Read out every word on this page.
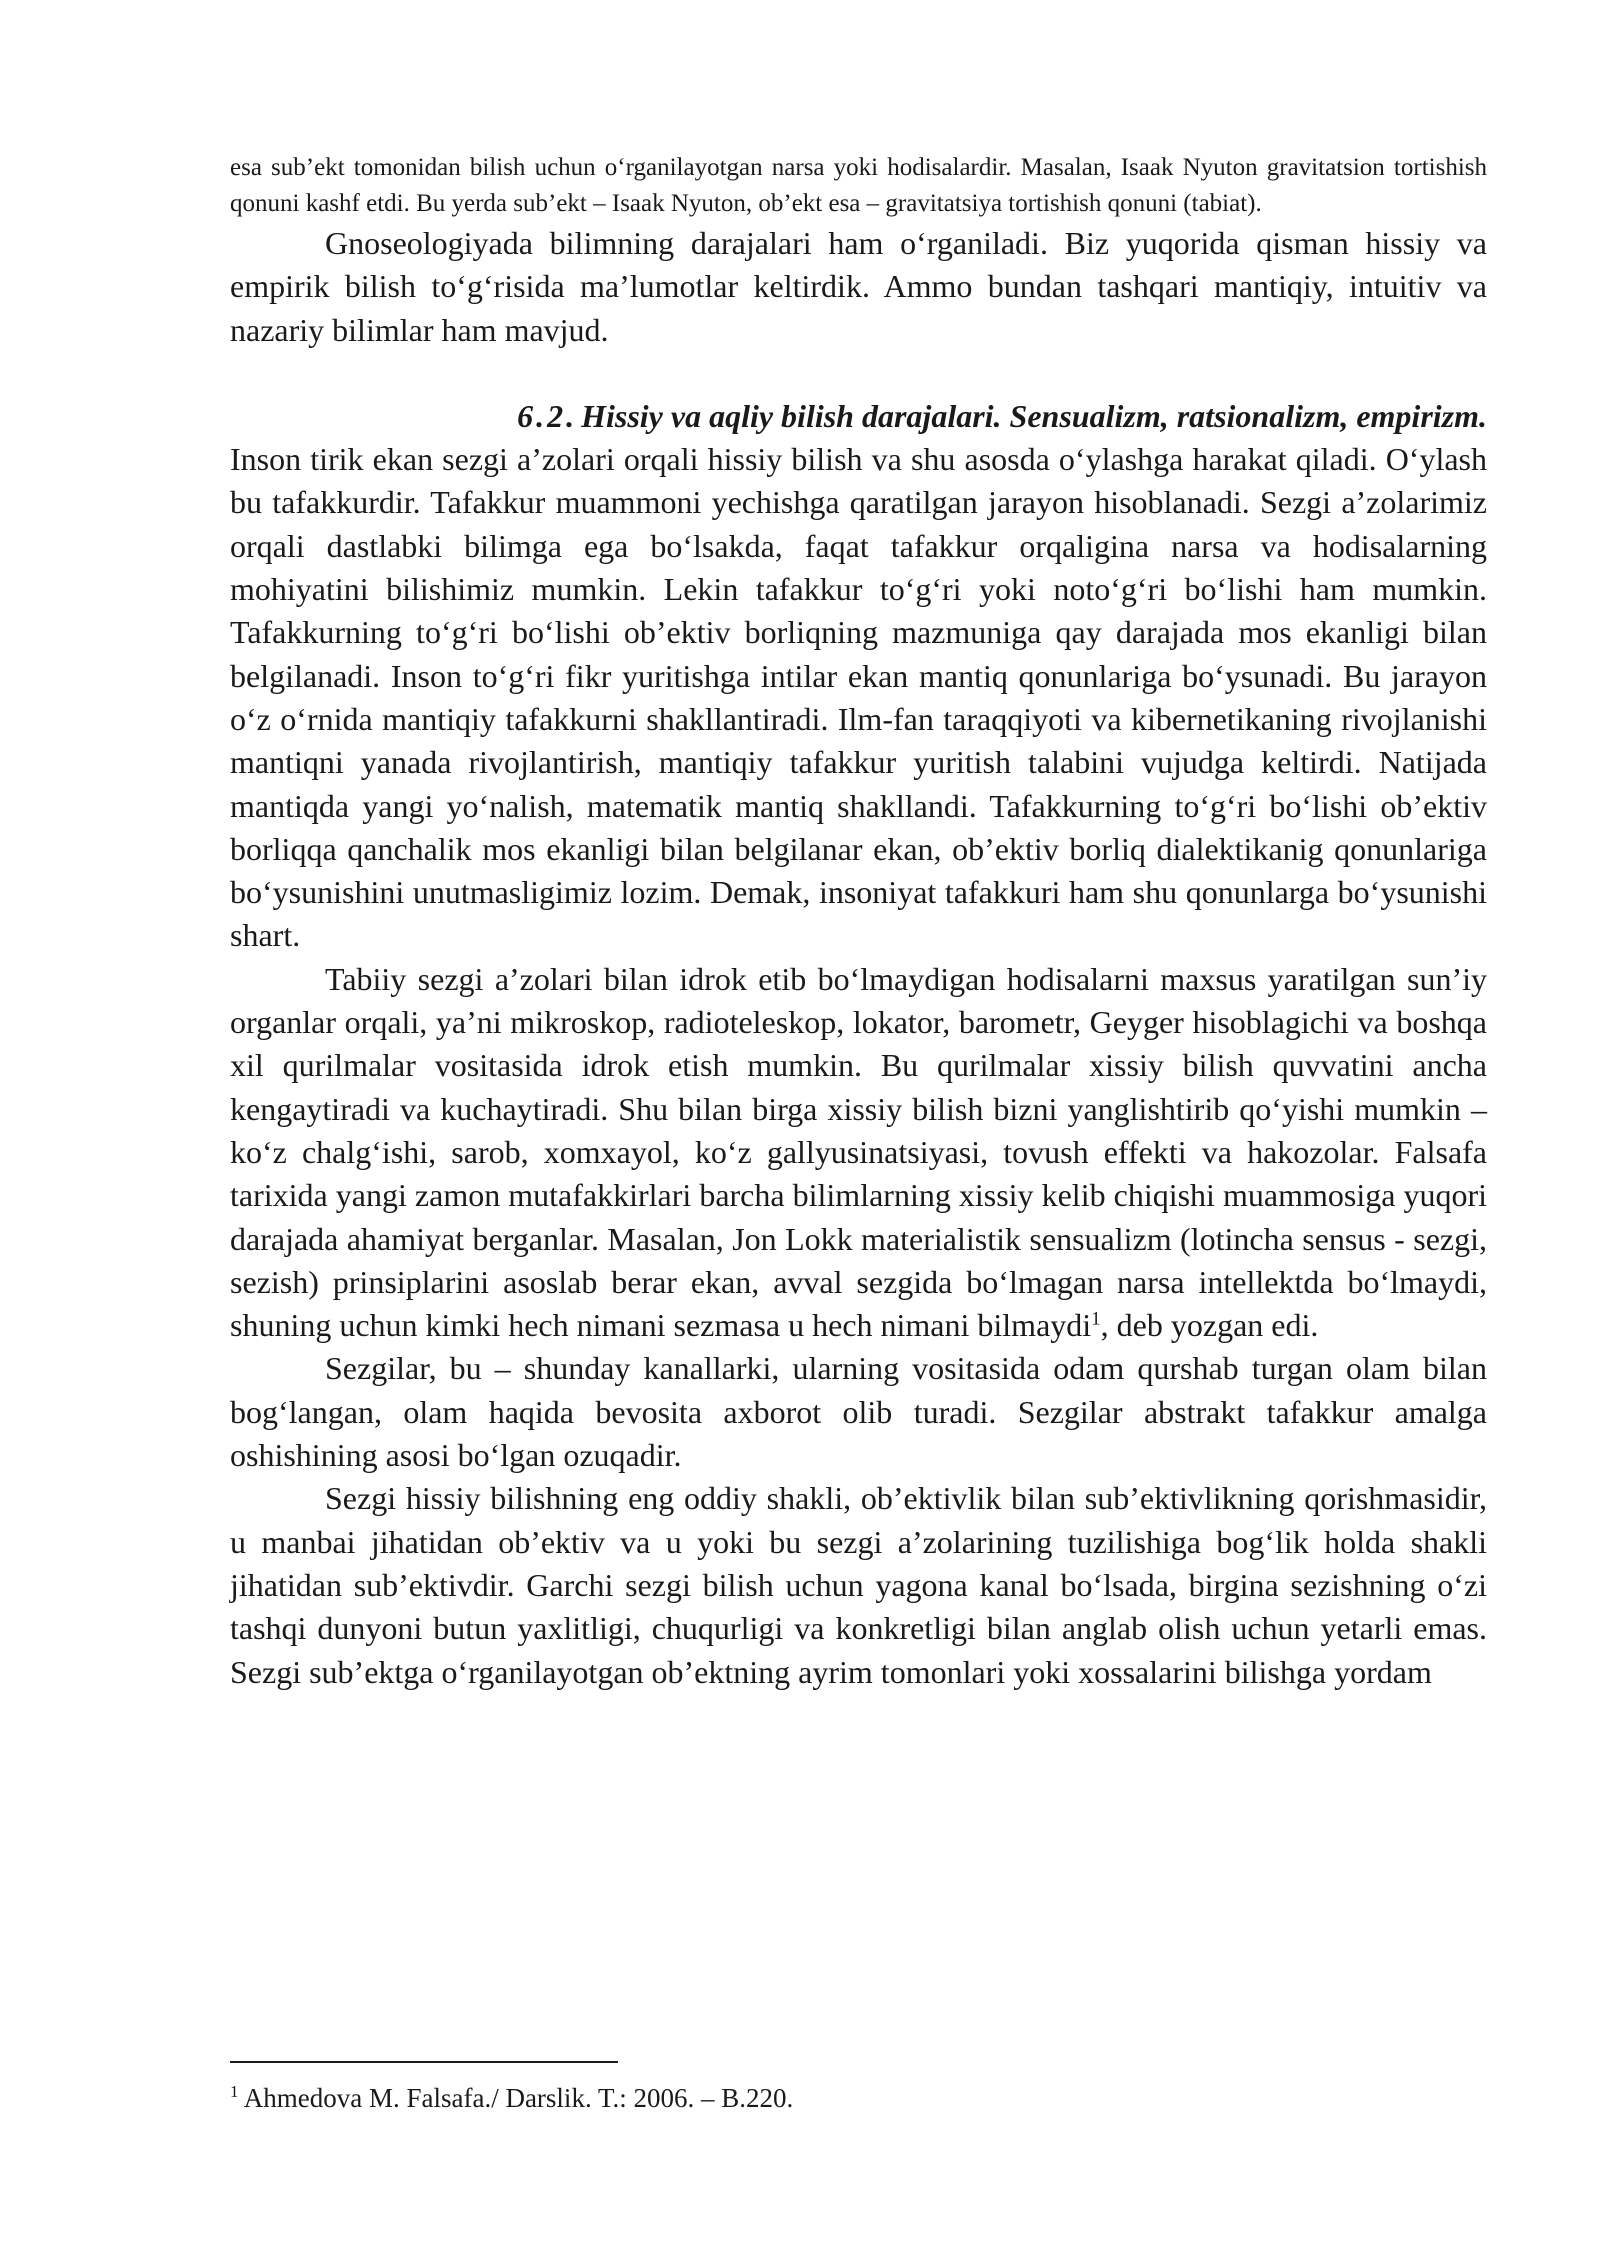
esa sub’ekt tomonidan bilish uchun o‘rganilayotgan narsa yoki hodisalardir. Masalan, Isaak Nyuton gravitatsion tortishish qonuni kashf etdi. Bu yerda sub’ekt – Isaak Nyuton, ob’ekt esa – gravitatsiya tortishish qonuni (tabiat).

Gnoseologiyada bilimning darajalari ham o‘rganiladi. Biz yuqorida qisman hissiy va empirik bilish to‘g‘risida ma’lumotlar keltirdik. Ammo bundan tashqari mantiqiy, intuitiv va nazariy bilimlar ham mavjud.

6.2. Hissiy va aqliy bilish darajalari. Sensualizm, ratsionalizm, empirizm.

Inson tirik ekan sezgi a’zolari orqali hissiy bilish va shu asosda o‘ylashga harakat qiladi. O‘ylash bu tafakkurdir. Tafakkur muammoni yechishga qaratilgan jarayon hisoblanadi. Sezgi a’zolarimiz orqali dastlabki bilimga ega bo‘lsakda, faqat tafakkur orqaligina narsa va hodisalarning mohiyatini bilishimiz mumkin. Lekin tafakkur to‘g‘ri yoki noto‘g‘ri bo‘lishi ham mumkin. Tafakkurning to‘g‘ri bo‘lishi ob’ektiv borliqning mazmuniga qay darajada mos ekanligi bilan belgilanadi. Inson to‘g‘ri fikr yuritishga intilar ekan mantiq qonunlariga bo‘ysunadi. Bu jarayon o‘z o‘rnida mantiqiy tafakkurni shakllantiradi. Ilm-fan taraqqiyoti va kibernetikaning rivojlanishi mantiqni yanada rivojlantirish, mantiqiy tafakkur yuritish talabini vujudga keltirdi. Natijada mantiqda yangi yo‘nalish, matematik mantiq shakllandi. Tafakkurning to‘g‘ri bo‘lishi ob’ektiv borliqqa qanchalik mos ekanligi bilan belgilanar ekan, ob’ektiv borliq dialektikanig qonunlariga bo‘ysunishini unutmasligimiz lozim. Demak, insoniyat tafakkuri ham shu qonunlarga bo‘ysunishi shart.

Tabiiy sezgi a’zolari bilan idrok etib bo‘lmaydigan hodisalarni maxsus yaratilgan sun’iy organlar orqali, ya’ni mikroskop, radioteleskop, lokator, barometr, Geyger hisoblagichi va boshqa xil qurilmalar vositasida idrok etish mumkin. Bu qurilmalar xissiy bilish quvvatini ancha kengaytiradi va kuchaytiradi. Shu bilan birga xissiy bilish bizni yanglishtirib qo‘yishi mumkin – ko‘z chalg‘ishi, sarob, xomxayol, ko‘z gallyusinatsiyasi, tovush effekti va hakozolar. Falsafa tarixida yangi zamon mutafakkirlari barcha bilimlarning xissiy kelib chiqishi muammosiga yuqori darajada ahamiyat berganlar. Masalan, Jon Lokk materialistik sensualizm (lotincha sensus - sezgi, sezish) prinsiplarini asoslab berar ekan, avval sezgida bo‘lmagan narsa intellektda bo‘lmaydi, shuning uchun kimki hech nimani sezmasa u hech nimani bilmaydi$^1$, deb yozgan edi.

Sezgilar, bu – shunday kanallarki, ularning vositasida odam qurshab turgan olam bilan bog‘langan, olam haqida bevosita axborot olib turadi. Sezgilar abstrakt tafakkur amalga oshishining asosi bo‘lgan ozuqadir.

Sezgi hissiy bilishning eng oddiy shakli, ob’ektivlik bilan sub’ektivlikning qorishmasidir, u manbai jihatidan ob’ektiv va u yoki bu sezgi a’zolarining tuzilishiga bog‘lik holda shakli jihatidan sub’ektivdir. Garchi sezgi bilish uchun yagona kanal bo‘lsada, birgina sezishning o‘zi tashqi dunyoni butun yaxlitligi, chuqurligi va konkretligi bilan anglab olish uchun yetarli emas. Sezgi sub’ektga o‘rganilayotgan ob’ektning ayrim tomonlari yoki xossalarini bilishga yordam

$^1$ Ahmedova M. Falsafa./ Darslik. T.: 2006. – B.220.
